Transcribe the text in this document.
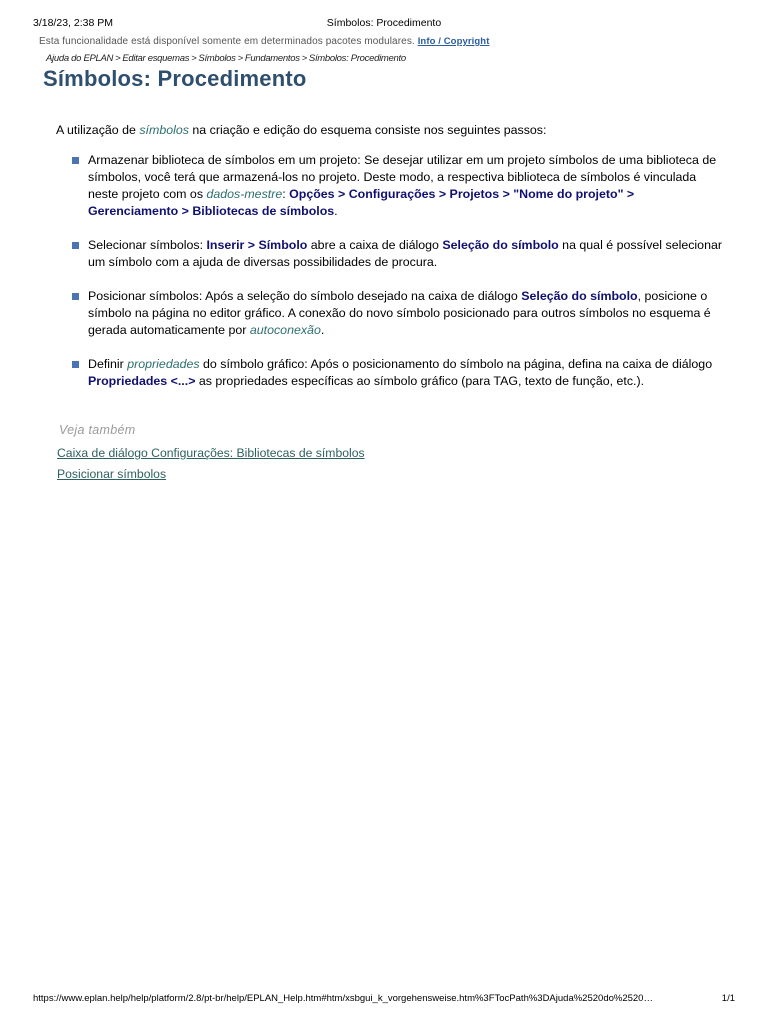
3/18/23, 2:38 PM	Símbolos: Procedimento
Esta funcionalidade está disponível somente em determinados pacotes modulares. Info / Copyright
Ajuda do EPLAN > Editar esquemas > Símbolos > Fundamentos > Símbolos: Procedimento
Símbolos: Procedimento

A utilização de símbolos na criação e edição do esquema consiste nos seguintes passos:

Armazenar biblioteca de símbolos em um projeto: Se desejar utilizar em um projeto símbolos de uma biblioteca de símbolos, você terá que armazená-los no projeto. Deste modo, a respectiva biblioteca de símbolos é vinculada neste projeto com os dados-mestre: Opções > Configurações > Projetos > "Nome do projeto" > Gerenciamento > Bibliotecas de símbolos.
Selecionar símbolos: Inserir > Símbolo abre a caixa de diálogo Seleção do símbolo na qual é possível selecionar um símbolo com a ajuda de diversas possibilidades de procura.
Posicionar símbolos: Após a seleção do símbolo desejado na caixa de diálogo Seleção do símbolo, posicione o símbolo na página no editor gráfico. A conexão do novo símbolo posicionado para outros símbolos no esquema é gerada automaticamente por autoconexão.
Definir propriedades do símbolo gráfico: Após o posicionamento do símbolo na página, defina na caixa de diálogo Propriedades <...> as propriedades específicas ao símbolo gráfico (para TAG, texto de função, etc.).
Veja também
Caixa de diálogo Configurações: Bibliotecas de símbolos
Posicionar símbolos
https://www.eplan.help/help/platform/2.8/pt-br/help/EPLAN_Help.htm#htm/xsbgui_k_vorgehensweise.htm%3FTocPath%3DAjuda%2520do%2520…	1/1
